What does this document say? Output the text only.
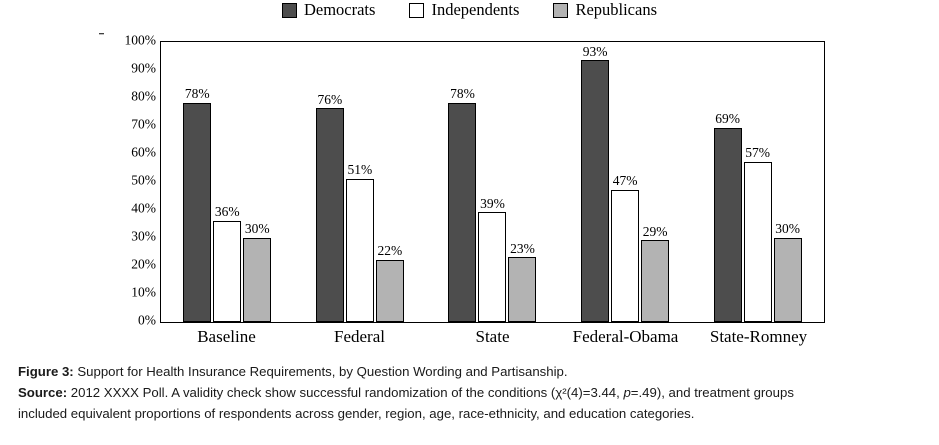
Democrats	Independents	Republicans
100%
90%
80%
70%
60%
50%
40%
30%
20%
10%
0%
78%
36%
30%
76%
51%
22%
78%
39%
23%
93%
47%
29%
69%
57%
30%
Baseline	Federal	State	Federal-Obama	State-Romney

Figure 3: Support for Health Insurance Requirements, by Question Wording and Partisanship.

Source: 2012 XXXX Poll. A validity check show successful randomization of the conditions (χ²(4)=3.44, p=.49), and treatment groups

included equivalent proportions of respondents across gender, region, age, race-ethnicity, and education categories.
